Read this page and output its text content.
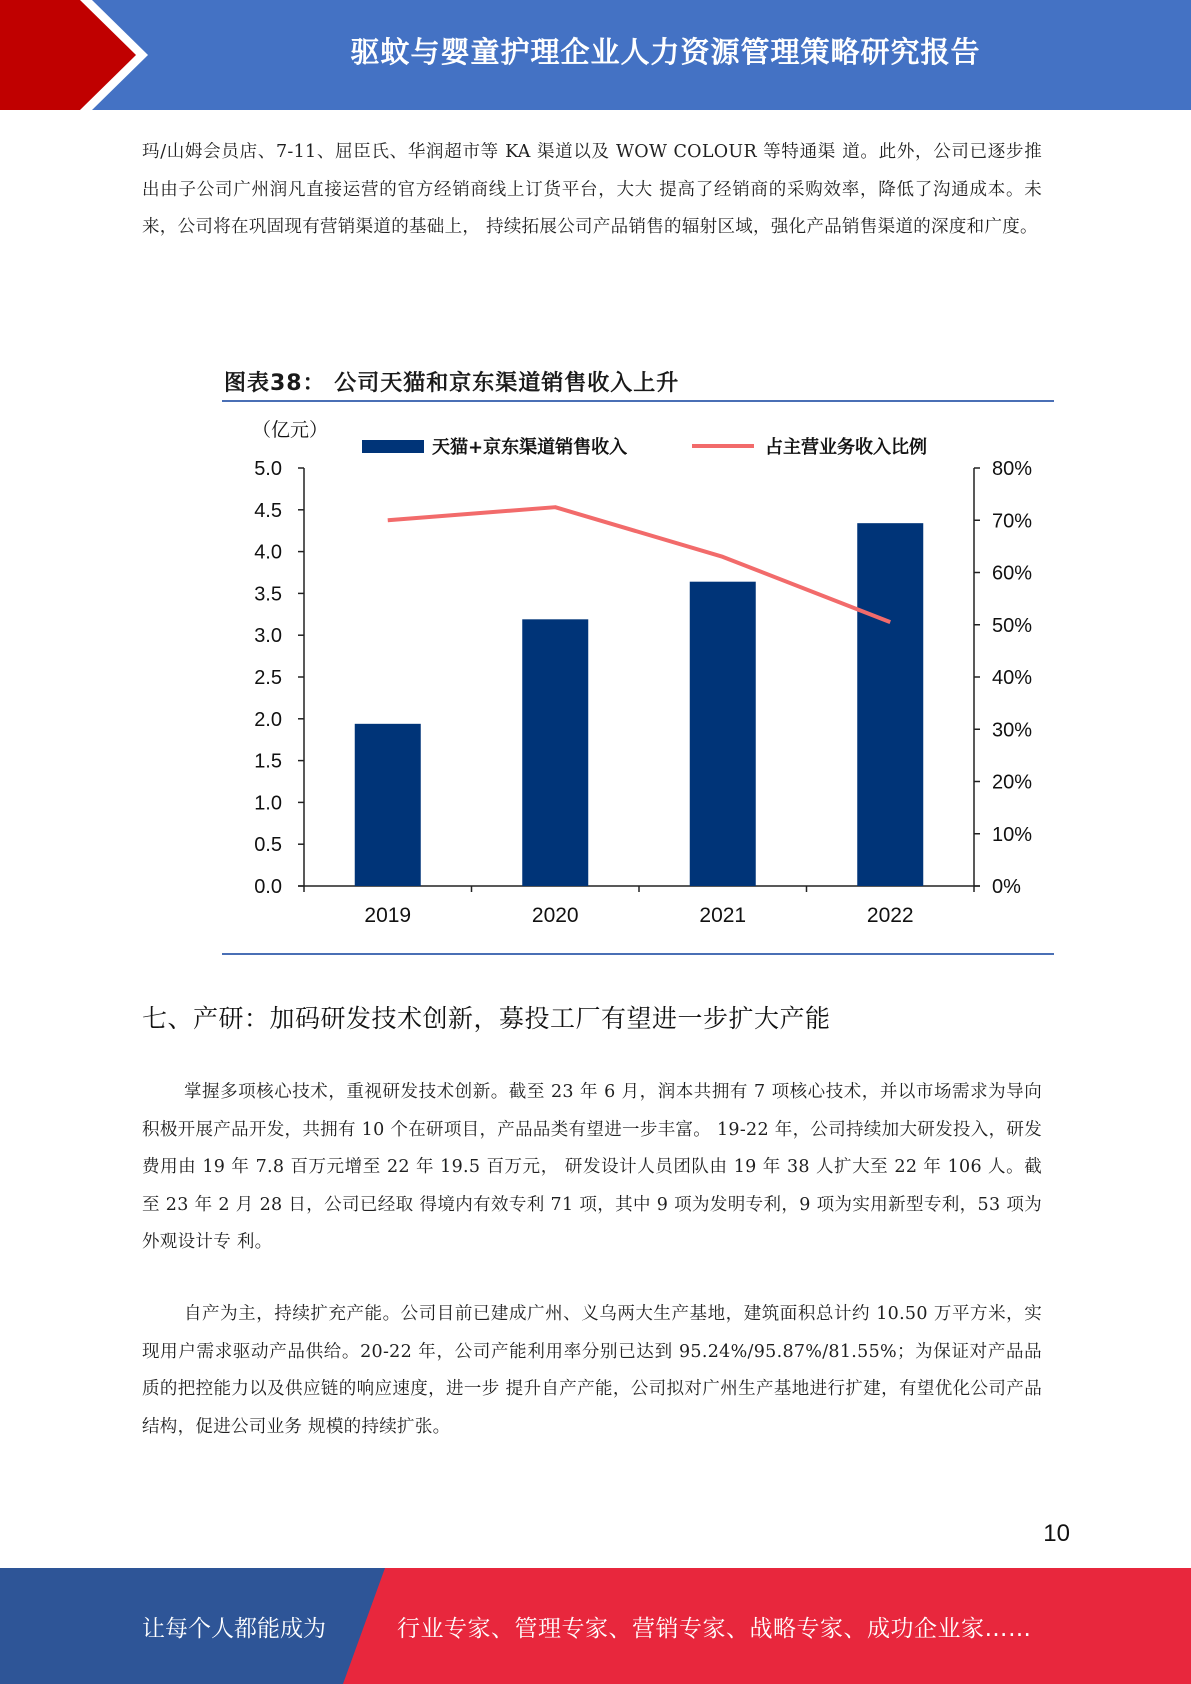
驱蚊与婴童护理企业人力资源管理策略研究报告
玛/山姆会员店、7-11、屈臣氏、华润超市等 KA 渠道以及 WOW COLOUR 等特通渠 道。此外，公司已逐步推出由子公司广州润凡直接运营的官方经销商线上订货平台，大大 提高了经销商的采购效率，降低了沟通成本。未来，公司将在巩固现有营销渠道的基础上， 持续拓展公司产品销售的辐射区域，强化产品销售渠道的深度和广度。
图表38： 公司天猫和京东渠道销售收入上升
（亿元）
天猫+京东渠道销售收入	占主营业务收入比例
0.0
0.5
1.0
1.5
2.0
2.5
3.0
3.5
4.0
4.5
5.0
0%
10%
20%
30%
40%
50%
60%
70%
80%
2019	2020	2021	2022
七、产研：加码研发技术创新，募投工厂有望进一步扩大产能
掌握多项核心技术，重视研发技术创新。截至 23 年 6 月，润本共拥有 7 项核心技术，并以市场需求为导向积极开展产品开发，共拥有 10 个在研项目，产品品类有望进一步丰富。 19-22 年，公司持续加大研发投入，研发费用由 19 年 7.8 百万元增至 22 年 19.5 百万元， 研发设计人员团队由 19 年 38 人扩大至 22 年 106 人。截至 23 年 2 月 28 日，公司已经取 得境内有效专利 71 项，其中 9 项为发明专利，9 项为实用新型专利，53 项为外观设计专 利。
自产为主，持续扩充产能。公司目前已建成广州、义乌两大生产基地，建筑面积总计约 10.50 万平方米，实现用户需求驱动产品供给。20-22 年，公司产能利用率分别已达到 95.24%/95.87%/81.55%；为保证对产品品质的把控能力以及供应链的响应速度，进一步 提升自产产能，公司拟对广州生产基地进行扩建，有望优化公司产品结构，促进公司业务 规模的持续扩张。
10
让每个人都能成为	行业专家、管理专家、营销专家、战略专家、成功企业家……
